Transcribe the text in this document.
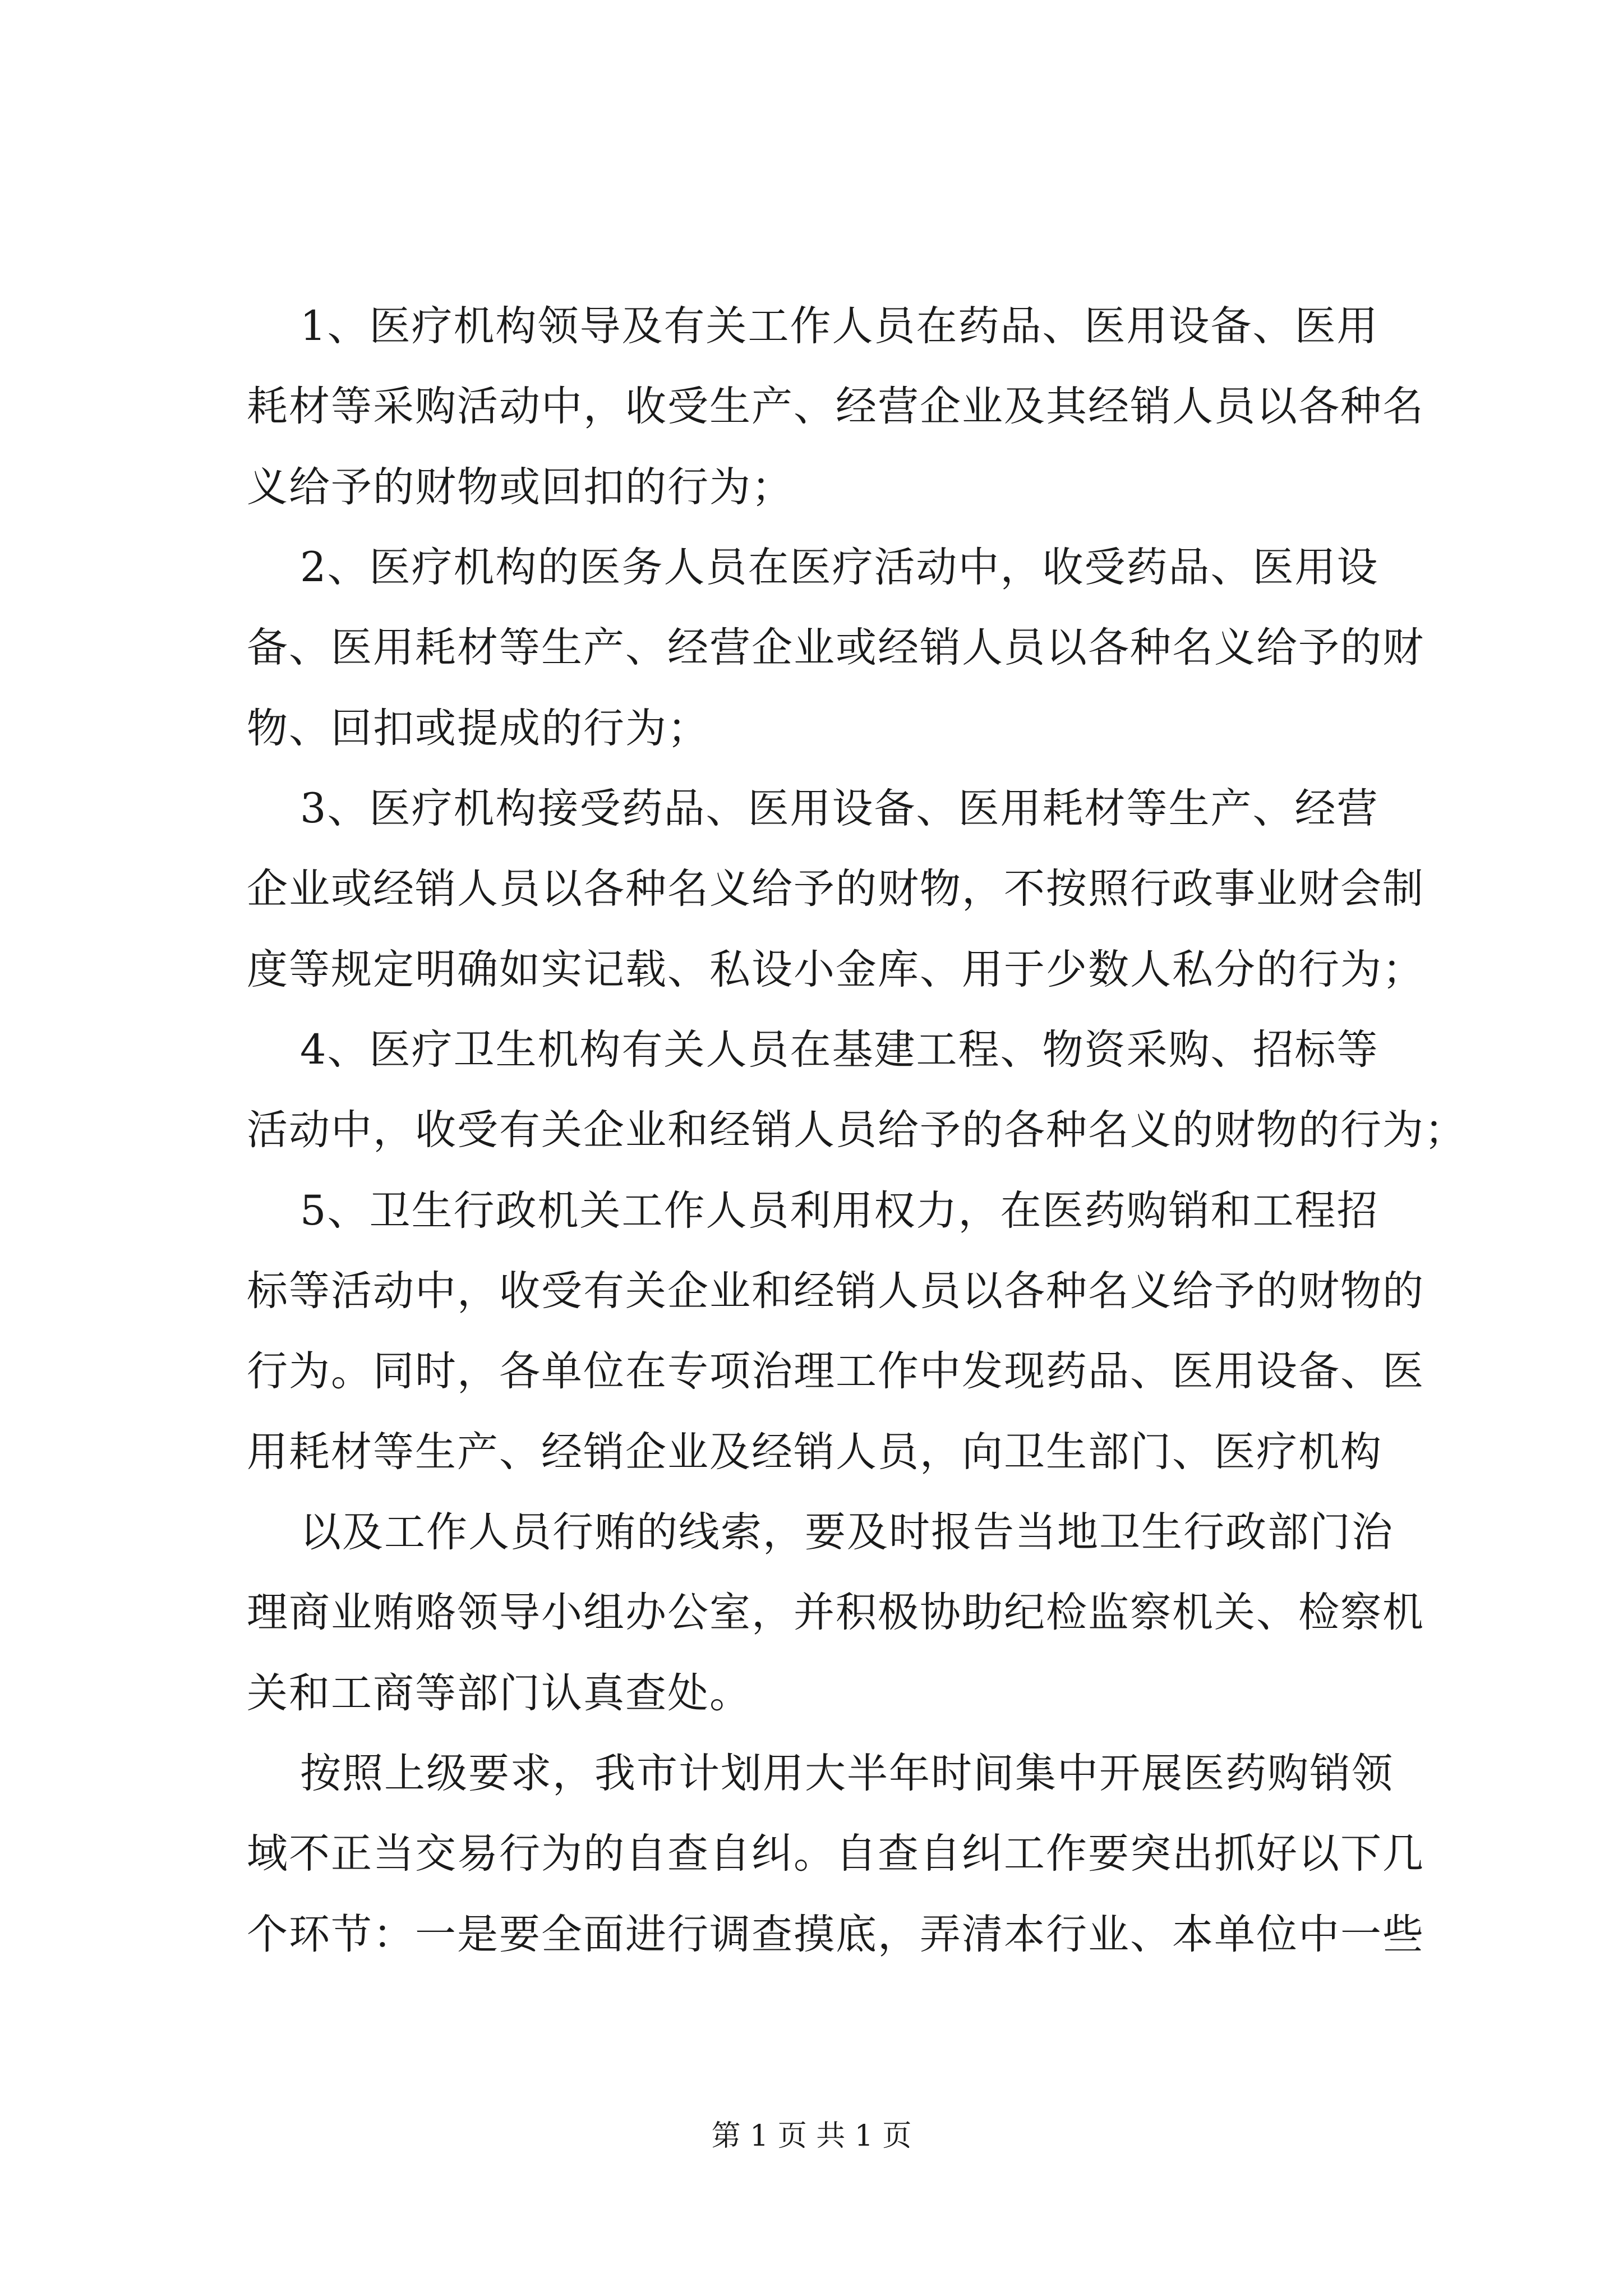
1、医疗机构领导及有关工作人员在药品、医用设备、医用
耗材等采购活动中，收受生产、经营企业及其经销人员以各种名
义给予的财物或回扣的行为；
2、医疗机构的医务人员在医疗活动中，收受药品、医用设
备、医用耗材等生产、经营企业或经销人员以各种名义给予的财
物、回扣或提成的行为；
3、医疗机构接受药品、医用设备、医用耗材等生产、经营
企业或经销人员以各种名义给予的财物，不按照行政事业财会制
度等规定明确如实记载、私设小金库、用于少数人私分的行为；
4、医疗卫生机构有关人员在基建工程、物资采购、招标等
活动中，收受有关企业和经销人员给予的各种名义的财物的行为；
5、卫生行政机关工作人员利用权力，在医药购销和工程招
标等活动中，收受有关企业和经销人员以各种名义给予的财物的
行为。同时，各单位在专项治理工作中发现药品、医用设备、医
用耗材等生产、经销企业及经销人员，向卫生部门、医疗机构
以及工作人员行贿的线索，要及时报告当地卫生行政部门治
理商业贿赂领导小组办公室，并积极协助纪检监察机关、检察机
关和工商等部门认真查处。
按照上级要求，我市计划用大半年时间集中开展医药购销领
域不正当交易行为的自查自纠。自查自纠工作要突出抓好以下几
个环节：一是要全面进行调查摸底，弄清本行业、本单位中一些
第 1 页 共 1 页
